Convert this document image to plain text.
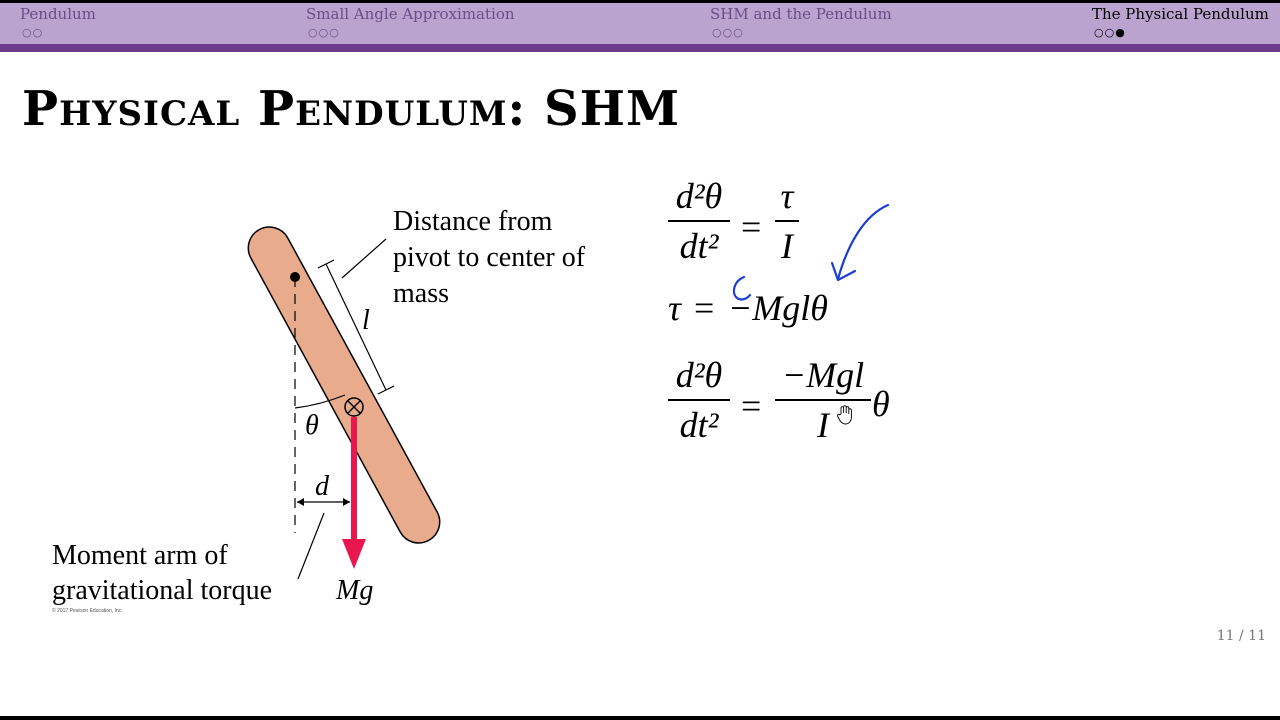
Pendulum
○○
Small Angle Approximation
○○○
SHM and the Pendulum
○○○
The Physical Pendulum
○○●
Physical Pendulum: SHM
Distance from
pivot to center of
mass
Moment arm of
gravitational torque
l
θ
d
Mg
© 2017 Pearson Education, Inc.
d²θ
dt² =
τ
I
τ = −Mglθ
d²θ
dt² =
−Mgl
I
θ
11 / 11
